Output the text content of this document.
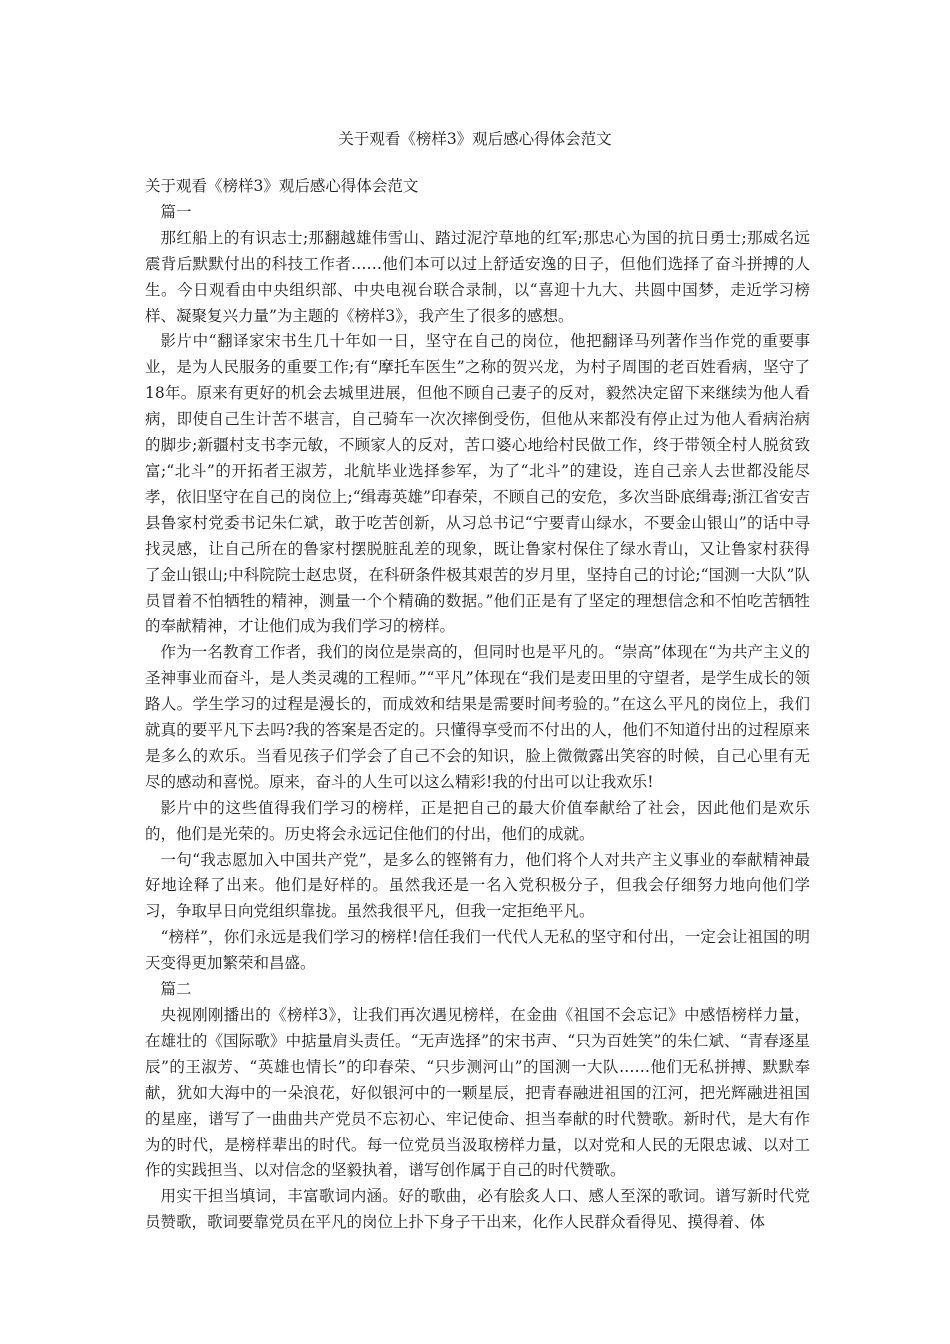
关于观看《榜样3》观后感心得体会范文

关于观看《榜样3》观后感心得体会范文

篇一

那红船上的有识志士;那翻越雄伟雪山、踏过泥泞草地的红军;那忠心为国的抗日勇士;那威名远震背后默默付出的科技工作者……他们本可以过上舒适安逸的日子，但他们选择了奋斗拼搏的人生。今日观看由中央组织部、中央电视台联合录制，以“喜迎十九大、共圆中国梦，走近学习榜样、凝聚复兴力量”为主题的《榜样3》，我产生了很多的感想。

影片中“翻译家宋书生几十年如一日，坚守在自己的岗位，他把翻译马列著作当作党的重要事业，是为人民服务的重要工作;有“摩托车医生”之称的贺兴龙，为村子周围的老百姓看病，坚守了18年。原来有更好的机会去城里进展，但他不顾自己妻子的反对，毅然决定留下来继续为他人看病，即使自己生计苦不堪言，自己骑车一次次摔倒受伤，但他从来都没有停止过为他人看病治病的脚步;新疆村支书李元敏，不顾家人的反对，苦口婆心地给村民做工作，终于带领全村人脱贫致富;“北斗”的开拓者王淑芳，北航毕业选择参军，为了“北斗”的建设，连自己亲人去世都没能尽孝，依旧坚守在自己的岗位上;“缉毒英雄”印春荣，不顾自己的安危，多次当卧底缉毒;浙江省安吉县鲁家村党委书记朱仁斌，敢于吃苦创新，从习总书记“宁要青山绿水，不要金山银山”的话中寻找灵感，让自己所在的鲁家村摆脱脏乱差的现象，既让鲁家村保住了绿水青山，又让鲁家村获得了金山银山;中科院院士赵忠贤，在科研条件极其艰苦的岁月里，坚持自己的讨论;“国测一大队”队员冒着不怕牺牲的精神，测量一个个精确的数据。”他们正是有了坚定的理想信念和不怕吃苦牺牲的奉献精神，才让他们成为我们学习的榜样。

作为一名教育工作者，我们的岗位是崇高的，但同时也是平凡的。“崇高”体现在“为共产主义的圣神事业而奋斗，是人类灵魂的工程师。”“平凡”体现在“我们是麦田里的守望者，是学生成长的领路人。学生学习的过程是漫长的，而成效和结果是需要时间考验的。”在这么平凡的岗位上，我们就真的要平凡下去吗?我的答案是否定的。只懂得享受而不付出的人，他们不知道付出的过程原来是多么的欢乐。当看见孩子们学会了自己不会的知识，脸上微微露出笑容的时候，自己心里有无尽的感动和喜悦。原来，奋斗的人生可以这么精彩!我的付出可以让我欢乐!

影片中的这些值得我们学习的榜样，正是把自己的最大价值奉献给了社会，因此他们是欢乐的，他们是光荣的。历史将会永远记住他们的付出，他们的成就。

一句“我志愿加入中国共产党”，是多么的铿锵有力，他们将个人对共产主义事业的奉献精神最好地诠释了出来。他们是好样的。虽然我还是一名入党积极分子，但我会仔细努力地向他们学习，争取早日向党组织靠拢。虽然我很平凡，但我一定拒绝平凡。

“榜样”，你们永远是我们学习的榜样!信任我们一代代人无私的坚守和付出，一定会让祖国的明天变得更加繁荣和昌盛。

篇二

央视刚刚播出的《榜样3》，让我们再次遇见榜样，在金曲《祖国不会忘记》中感悟榜样力量，在雄壮的《国际歌》中掂量肩头责任。“无声选择”的宋书声、“只为百姓笑”的朱仁斌、“青春逐星辰”的王淑芳、“英雄也情长”的印春荣、“只步测河山”的国测一大队……他们无私拼搏、默默奉献，犹如大海中的一朵浪花，好似银河中的一颗星辰，把青春融进祖国的江河，把光辉融进祖国的星座，谱写了一曲曲共产党员不忘初心、牢记使命、担当奉献的时代赞歌。新时代，是大有作为的时代，是榜样辈出的时代。每一位党员当汲取榜样力量，以对党和人民的无限忠诚、以对工作的实践担当、以对信念的坚毅执着，谱写创作属于自己的时代赞歌。

用实干担当填词，丰富歌词内涵。好的歌曲，必有脍炙人口、感人至深的歌词。谱写新时代党员赞歌，歌词要靠党员在平凡的岗位上扑下身子干出来，化作人民群众看得见、摸得着、体
